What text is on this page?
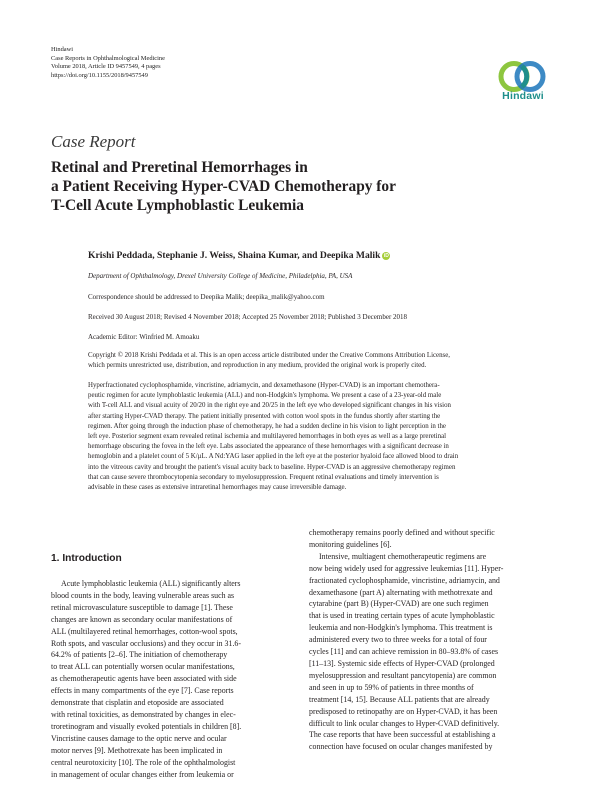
Hindawi
Case Reports in Ophthalmological Medicine
Volume 2018, Article ID 9457549, 4 pages
https://doi.org/10.1155/2018/9457549
Hindawi
Case Report
Retinal and Preretinal Hemorrhages in
a Patient Receiving Hyper-CVAD Chemotherapy for
T-Cell Acute Lymphoblastic Leukemia
Krishi Peddada, Stephanie J. Weiss, Shaina Kumar, and Deepika Malik iD
Department of Ophthalmology, Drexel University College of Medicine, Philadelphia, PA, USA
Correspondence should be addressed to Deepika Malik; deepika_malik@yahoo.com
Received 30 August 2018; Revised 4 November 2018; Accepted 25 November 2018; Published 3 December 2018
Academic Editor: Winfried M. Amoaku
Copyright © 2018 Krishi Peddada et al. This is an open access article distributed under the Creative Commons Attribution License,
which permits unrestricted use, distribution, and reproduction in any medium, provided the original work is properly cited.
Hyperfractionated cyclophosphamide, vincristine, adriamycin, and dexamethasone (Hyper-CVAD) is an important chemothera-
peutic regimen for acute lymphoblastic leukemia (ALL) and non-Hodgkin's lymphoma. We present a case of a 23-year-old male
with T-cell ALL and visual acuity of 20/20 in the right eye and 20/25 in the left eye who developed significant changes in his vision
after starting Hyper-CVAD therapy. The patient initially presented with cotton wool spots in the fundus shortly after starting the
regimen. After going through the induction phase of chemotherapy, he had a sudden decline in his vision to light perception in the
left eye. Posterior segment exam revealed retinal ischemia and multilayered hemorrhages in both eyes as well as a large preretinal
hemorrhage obscuring the fovea in the left eye. Labs associated the appearance of these hemorrhages with a significant decrease in
hemoglobin and a platelet count of 5 K/μL. A Nd:YAG laser applied in the left eye at the posterior hyaloid face allowed blood to drain
into the vitreous cavity and brought the patient's visual acuity back to baseline. Hyper-CVAD is an aggressive chemotherapy regimen
that can cause severe thrombocytopenia secondary to myelosuppression. Frequent retinal evaluations and timely intervention is
advisable in these cases as extensive intraretinal hemorrhages may cause irreversible damage.
1. Introduction
Acute lymphoblastic leukemia (ALL) significantly alters
blood counts in the body, leaving vulnerable areas such as
retinal microvasculature susceptible to damage [1]. These
changes are known as secondary ocular manifestations of
ALL (multilayered retinal hemorrhages, cotton-wool spots,
Roth spots, and vascular occlusions) and they occur in 31.6-
64.2% of patients [2–6]. The initiation of chemotherapy
to treat ALL can potentially worsen ocular manifestations,
as chemotherapeutic agents have been associated with side
effects in many compartments of the eye [7]. Case reports
demonstrate that cisplatin and etoposide are associated
with retinal toxicities, as demonstrated by changes in elec-
troretinogram and visually evoked potentials in children [8].
Vincristine causes damage to the optic nerve and ocular
motor nerves [9]. Methotrexate has been implicated in
central neurotoxicity [10]. The role of the ophthalmologist
in management of ocular changes either from leukemia or
chemotherapy remains poorly defined and without specific
monitoring guidelines [6].
Intensive, multiagent chemotherapeutic regimens are
now being widely used for aggressive leukemias [11]. Hyper-
fractionated cyclophosphamide, vincristine, adriamycin, and
dexamethasone (part A) alternating with methotrexate and
cytarabine (part B) (Hyper-CVAD) are one such regimen
that is used in treating certain types of acute lymphoblastic
leukemia and non-Hodgkin's lymphoma. This treatment is
administered every two to three weeks for a total of four
cycles [11] and can achieve remission in 80–93.8% of cases
[11–13]. Systemic side effects of Hyper-CVAD (prolonged
myelosuppression and resultant pancytopenia) are common
and seen in up to 59% of patients in three months of
treatment [14, 15]. Because ALL patients that are already
predisposed to retinopathy are on Hyper-CVAD, it has been
difficult to link ocular changes to Hyper-CVAD definitively.
The case reports that have been successful at establishing a
connection have focused on ocular changes manifested by
